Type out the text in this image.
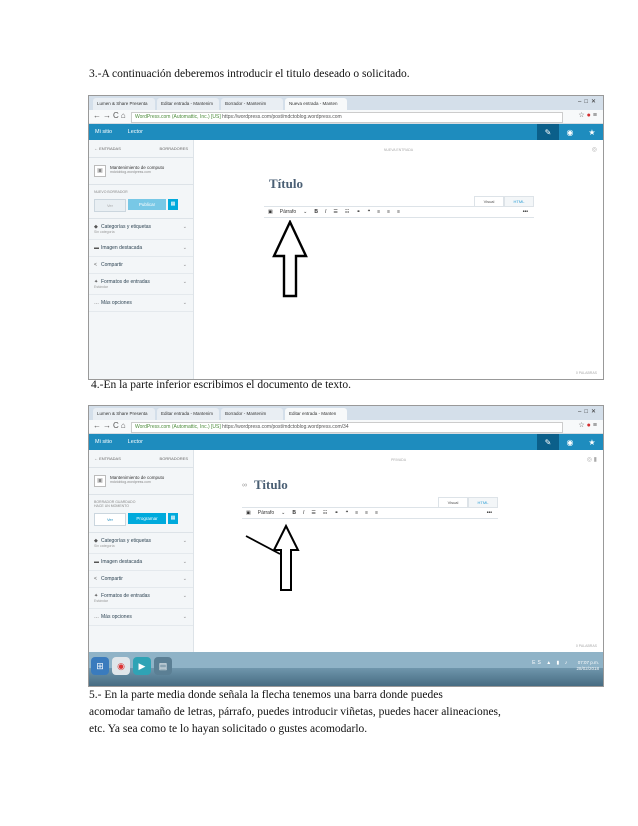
3.-A continuación deberemos introducir el titulo deseado o solicitado.

Lumen & Share Presenta	Editar entrada - Mantenim	Borrador - Mantenim	Nueva entrada - Manten	–□✕
←→C⌂	WordPress.com (Automattic, Inc.) [US] https://wordpress.com/post/mdctoblog.wordpress.com	☆●≡
Mi sitio	Lector	✎	◉	★
← ENTRADAS	BORRADORES
▣
Mantenimiento de computo
mdctoblog.wordpress.com
NUEVO BORRADOR
Ver	Publicar	▦
◆ Categorías y etiquetas
Sin categoría
⌄
▬ Imagen destacada	⌄
< Compartir	⌄
✦ Formatos de entradas
Estándar
⌄
… Más opciones	⌄
NUEVA ENTRADA	◎
Título
Visual	HTML
▣ Párrafo ⌄ B I ☰ ☷ ⚭ ❝ ≡ ≡ ≡	•••
0 PALABRAS

4.-En la parte inferior escribimos el documento de texto.

Lumen & Share Presenta	Editar entrada - Mantenim	Borrador - Mantenim	Editar entrada - Manten	–□✕
←→C⌂	WordPress.com (Automattic, Inc.) [US] https://wordpress.com/post/mdctoblog.wordpress.com/34	☆●≡
Mi sitio	Lector	✎	◉	★
← ENTRADAS	BORRADORES
▣
Mantenimiento de computo
mdctoblog.wordpress.com
BORRADOR GUARDADO
HACE UN MOMENTO
Ver	Programar	▦
◆ Categorías y etiquetas
Sin categoría
⌄
▬ Imagen destacada	⌄
< Compartir	⌄
✦ Formatos de entradas
Estándar
⌄
… Más opciones	⌄
PRIVADA	◎ ▮
∞ Titulo
Visual	HTML
▣ Párrafo ⌄ B I ☰ ☷ ⚭ ❝ ≡ ≡ ≡	•••
0 PALABRAS
⊞	◉	▶	▤	ES ▲ ▮ ♪ 07:07 p.m.
28/02/2018

5.- En la parte media donde señala la flecha tenemos una barra donde puedes
acomodar tamaño de letras, párrafo, puedes introducir viñetas, puedes hacer alineaciones,
etc. Ya sea como te lo hayan solicitado o gustes acomodarlo.
